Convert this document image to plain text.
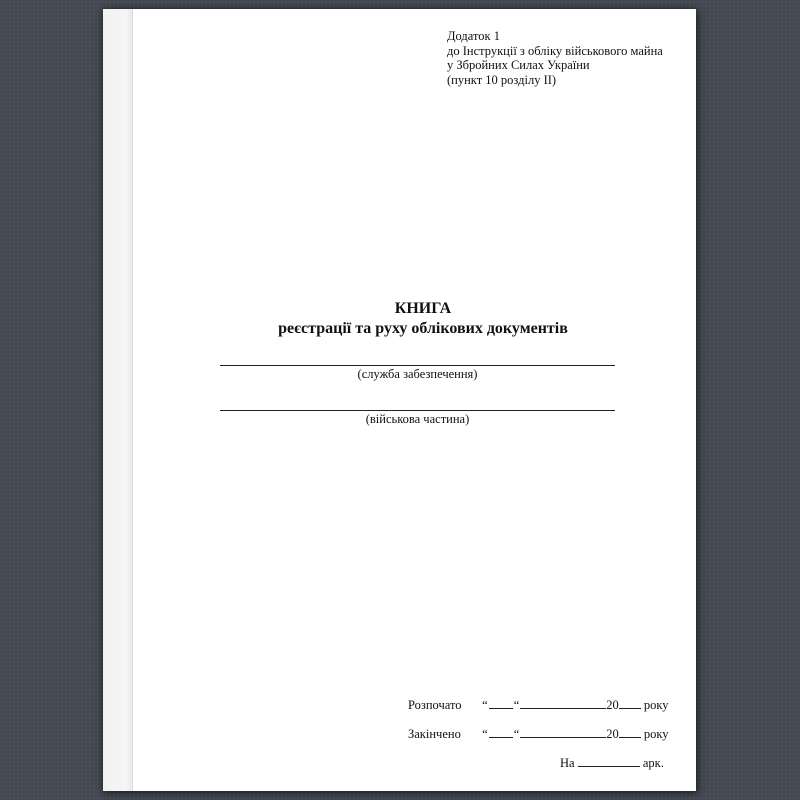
Додаток 1
до Інструкції з обліку військового майна
у Збройних Силах України
(пункт 10 розділу ІІ)
КНИГА
реєстрації та руху облікових документів
(служба забезпечення)
(військова частина)
Розпочато “ “	20 року
Закінчено “ “	20 року
На	арк.
